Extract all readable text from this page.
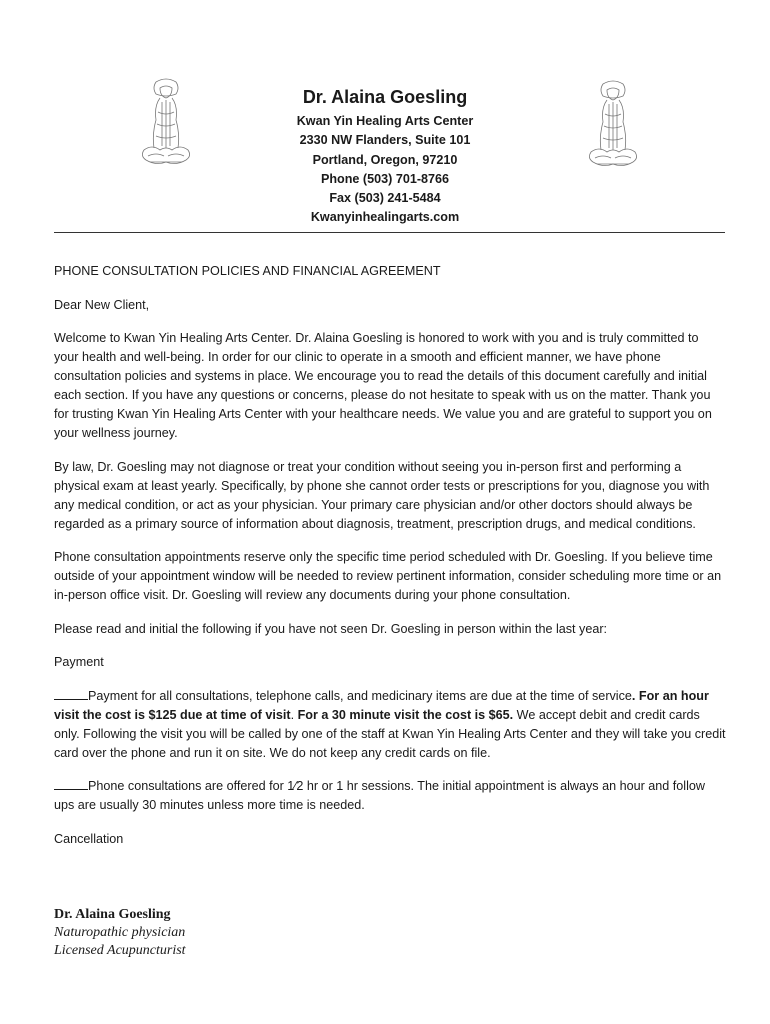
Dr. Alaina Goesling
Kwan Yin Healing Arts Center
2330 NW Flanders, Suite 101
Portland, Oregon, 97210
Phone (503) 701-8766
Fax (503) 241-5484
Kwanyinhealingarts.com

PHONE CONSULTATION POLICIES AND FINANCIAL AGREEMENT

Dear New Client,

Welcome to Kwan Yin Healing Arts Center. Dr. Alaina Goesling is honored to work with you and is truly committed to your health and well-being. In order for our clinic to operate in a smooth and efficient manner, we have phone consultation policies and systems in place. We encourage you to read the details of this document carefully and initial each section. If you have any questions or concerns, please do not hesitate to speak with us on the matter. Thank you for trusting Kwan Yin Healing Arts Center with your healthcare needs. We value you and are grateful to support you on your wellness journey.

By law, Dr. Goesling may not diagnose or treat your condition without seeing you in-person first and performing a physical exam at least yearly. Specifically, by phone she cannot order tests or prescriptions for you, diagnose you with any medical condition, or act as your physician. Your primary care physician and/or other doctors should always be regarded as a primary source of information about diagnosis, treatment, prescription drugs, and medical conditions.

Phone consultation appointments reserve only the specific time period scheduled with Dr. Goesling. If you believe time outside of your appointment window will be needed to review pertinent information, consider scheduling more time or an in-person office visit. Dr. Goesling will review any documents during your phone consultation.

Please read and initial the following if you have not seen Dr. Goesling in person within the last year:

Payment

Payment for all consultations, telephone calls, and medicinary items are due at the time of service. For an hour visit the cost is $125 due at time of visit. For a 30 minute visit the cost is $65. We accept debit and credit cards only. Following the visit you will be called by one of the staff at Kwan Yin Healing Arts Center and they will take you credit card over the phone and run it on site. We do not keep any credit cards on file.

Phone consultations are offered for 1⁄2 hr or 1 hr sessions. The initial appointment is always an hour and follow ups are usually 30 minutes unless more time is needed.

Cancellation

Dr. Alaina Goesling
Naturopathic physician
Licensed Acupuncturist
